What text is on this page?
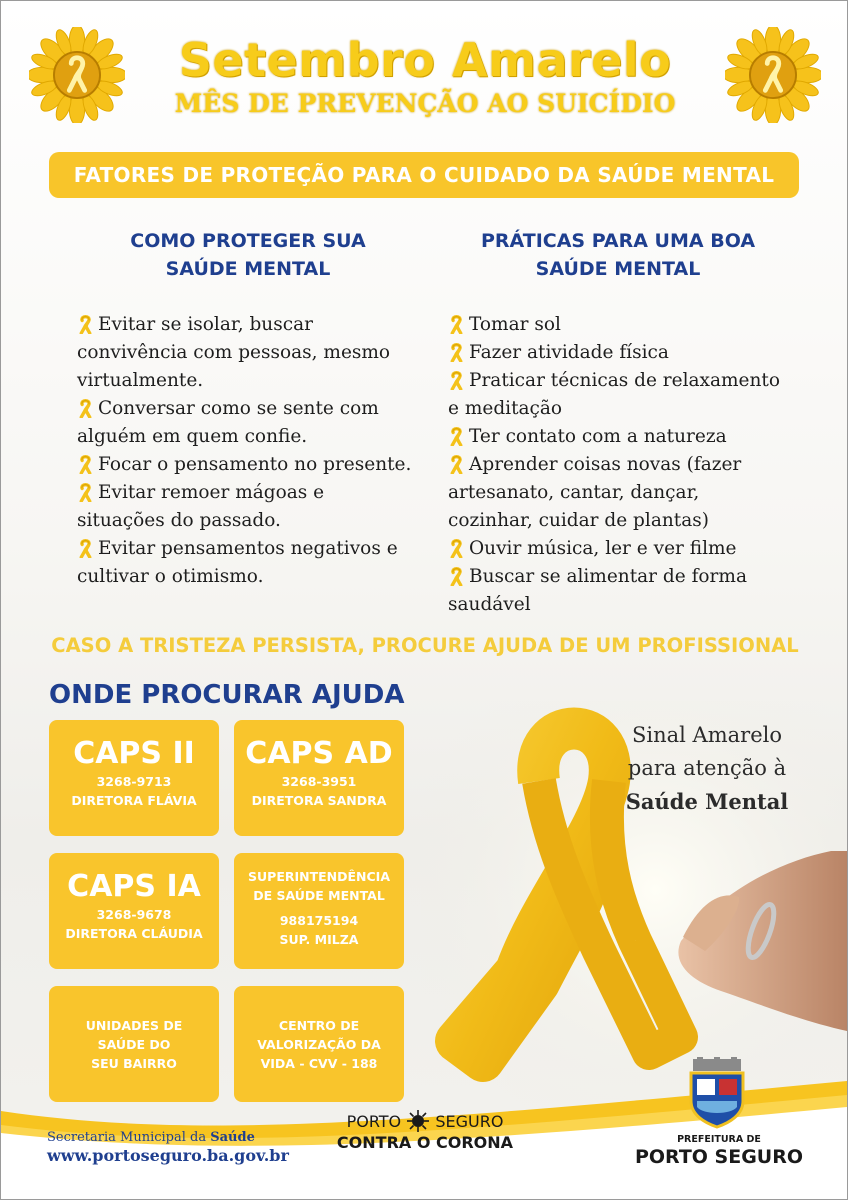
Setembro Amarelo
MÊS DE PREVENÇÃO AO SUICÍDIO
FATORES DE PROTEÇÃO PARA O CUIDADO DA SAÚDE MENTAL
COMO PROTEGER SUA
SAÚDE MENTAL
PRÁTICAS PARA UMA BOA
SAÚDE MENTAL
Evitar se isolar, buscar convivência com pessoas, mesmo virtualmente.
Conversar como se sente com alguém em quem confie.
Focar o pensamento no presente.
Evitar remoer mágoas e situações do passado.
Evitar pensamentos negativos e cultivar o otimismo.
Tomar sol
Fazer atividade física
Praticar técnicas de relaxamento e meditação
Ter contato com a natureza
Aprender coisas novas (fazer artesanato, cantar, dançar, cozinhar, cuidar de plantas)
Ouvir música, ler e ver filme
Buscar se alimentar de forma saudável
CASO A TRISTEZA PERSISTA, PROCURE AJUDA DE UM PROFISSIONAL
Sinal Amarelo
para atenção à
Saúde Mental
ONDE PROCURAR AJUDA
CAPS II
3268-9713
DIRETORA FLÁVIA
CAPS AD
3268-3951
DIRETORA SANDRA
CAPS IA
3268-9678
DIRETORA CLÁUDIA
SUPERINTENDÊNCIA
DE SAÚDE MENTAL
988175194
SUP. MILZA
UNIDADES DE
SAÚDE DO
SEU BAIRRO
CENTRO DE
VALORIZAÇÃO DA
VIDA - CVV - 188
Secretaria Municipal da Saúde
www.portoseguro.ba.gov.br
PORTO SEGURO
CONTRA O CORONA	PREFEITURA DE
PORTO SEGURO
